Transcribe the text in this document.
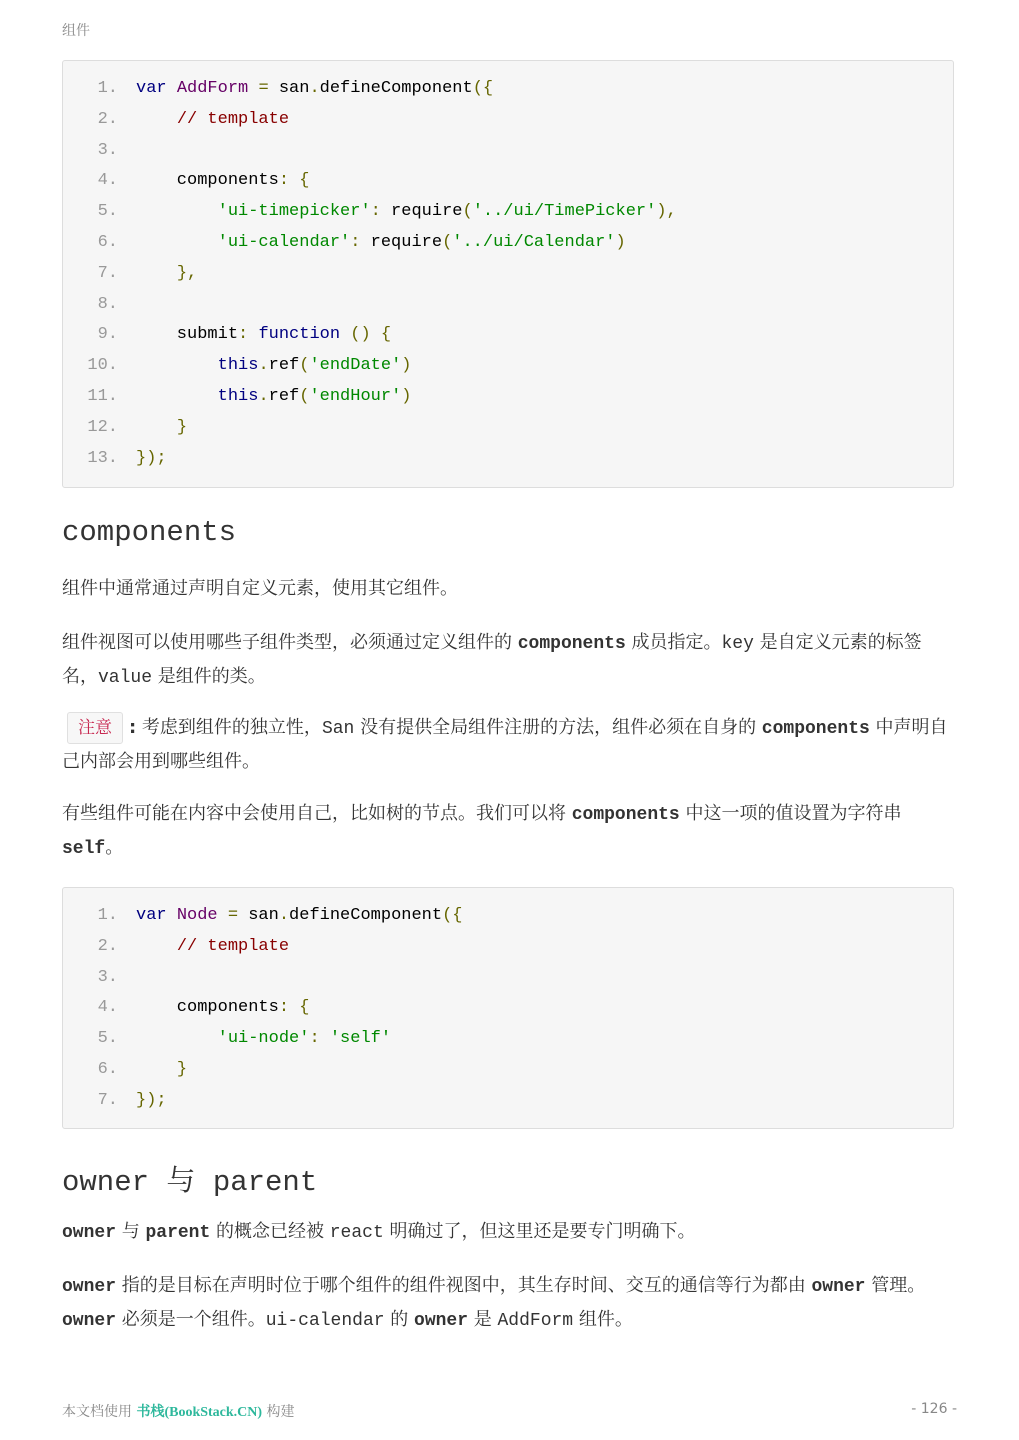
组件
1. var AddForm = san.defineComponent({
2.	// template
3.
4. components: {
5.	'ui-timepicker': require('../ui/TimePicker'),
6.	'ui-calendar': require('../ui/Calendar')
7.	},
8.
9. submit: function () {
10.	this.ref('endDate')
11.	this.ref('endHour')
12.	}
13. });
components

组件中通常通过声明自定义元素，使用其它组件。

组件视图可以使用哪些子组件类型，必须通过定义组件的 components 成员指定。key 是自定义元素的标签名，value 是组件的类。

注意 : 考虑到组件的独立性，San 没有提供全局组件注册的方法，组件必须在自身的 components 中声明自己内部会用到哪些组件。

有些组件可能在内容中会使用自己，比如树的节点。我们可以将 components 中这一项的值设置为字符串 self。

1. var Node = san.defineComponent({
2.	// template
3.
4. components: {
5.	'ui-node': 'self'
6.	}
7. });
owner 与 parent

owner 与 parent 的概念已经被 react 明确过了，但这里还是要专门明确下。

owner 指的是目标在声明时位于哪个组件的组件视图中，其生存时间、交互的通信等行为都由 owner 管理。owner 必须是一个组件。ui-calendar 的 owner 是 AddForm 组件。

本文档使用 书栈(BookStack.CN) 构建	- 126 -
